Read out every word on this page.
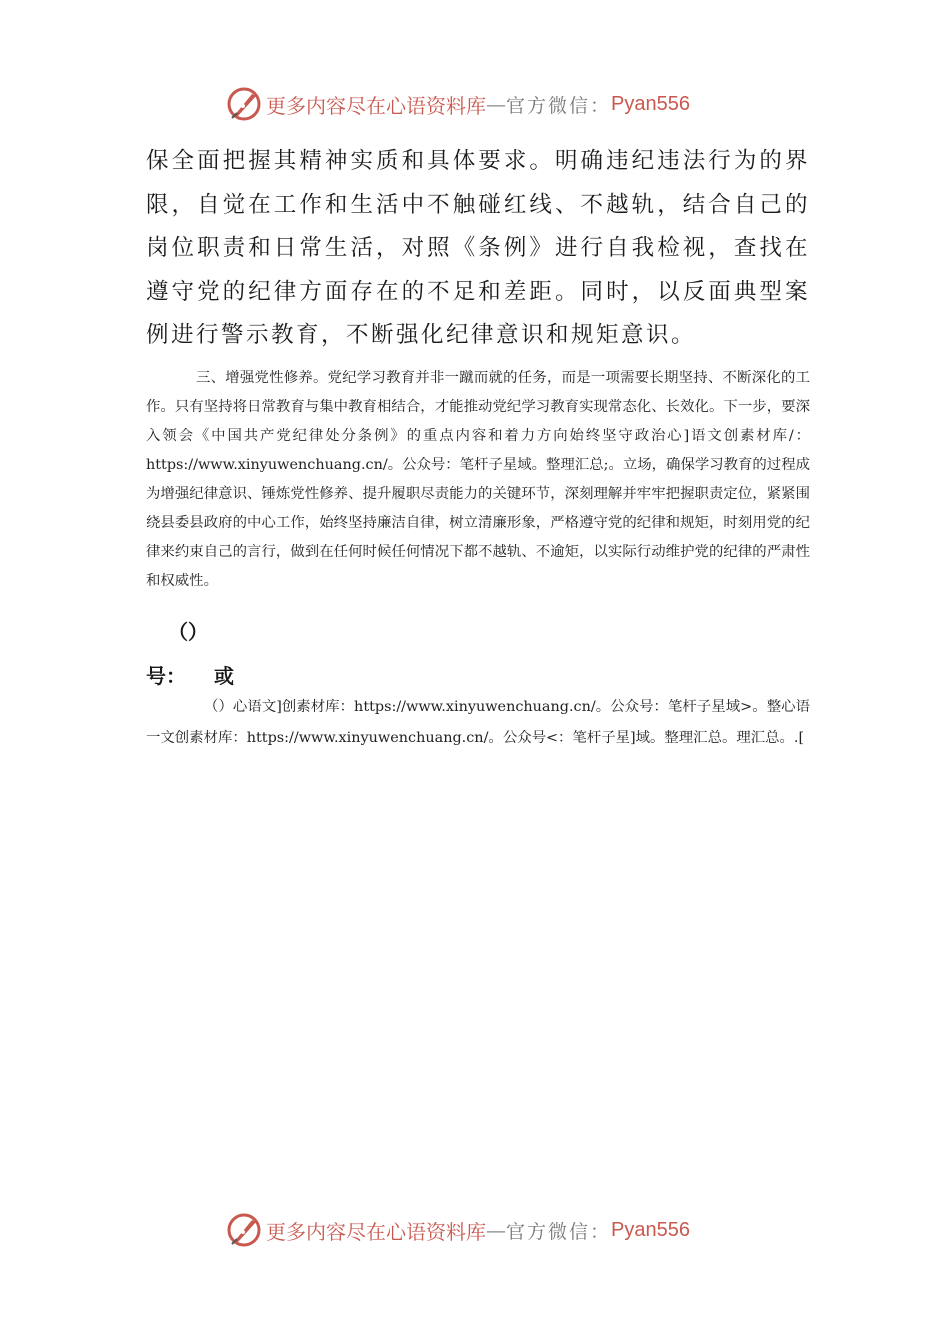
更多内容尽在心语资料库 — 官方微信： Pyan556

保全面把握其精神实质和具体要求。明确违纪违法行为的界限，自觉在工作和生活中不触碰红线、不越轨，结合自己的岗位职责和日常生活，对照《条例》进行自我检视，查找在遵守党的纪律方面存在的不足和差距。同时，以反面典型案例进行警示教育，不断强化纪律意识和规矩意识。

三、增强党性修养。党纪学习教育并非一蹴而就的任务，而是一项需要长期坚持、不断深化的工作。只有坚持将日常教育与集中教育相结合，才能推动党纪学习教育实现常态化、长效化。下一步，要深入领会《中国共产党纪律处分条例》的重点内容和着力方向始终坚守政治心]语文创素材库/：https://www.xinyuwenchuang.cn/。公众号：笔杆子星域。整理汇总;。立场，确保学习教育的过程成为增强纪律意识、锤炼党性修养、提升履职尽责能力的关键环节，深刻理解并牢牢把握职责定位，紧紧围绕县委县政府的中心工作，始终坚持廉洁自律，树立清廉形象，严格遵守党的纪律和规矩，时刻用党的纪律来约束自己的言行，做到在任何时候任何情况下都不越轨、不逾矩，以实际行动维护党的纪律的严肃性和权威性。

（）
号： 或

（）心语文]创素材库：https://www.xinyuwenchuang.cn/。公众号：笔杆子星域>。整心语一文创素材库：https://www.xinyuwenchuang.cn/。公众号<：笔杆子星]域。整理汇总。理汇总。.[

更多内容尽在心语资料库 — 官方微信： Pyan556
